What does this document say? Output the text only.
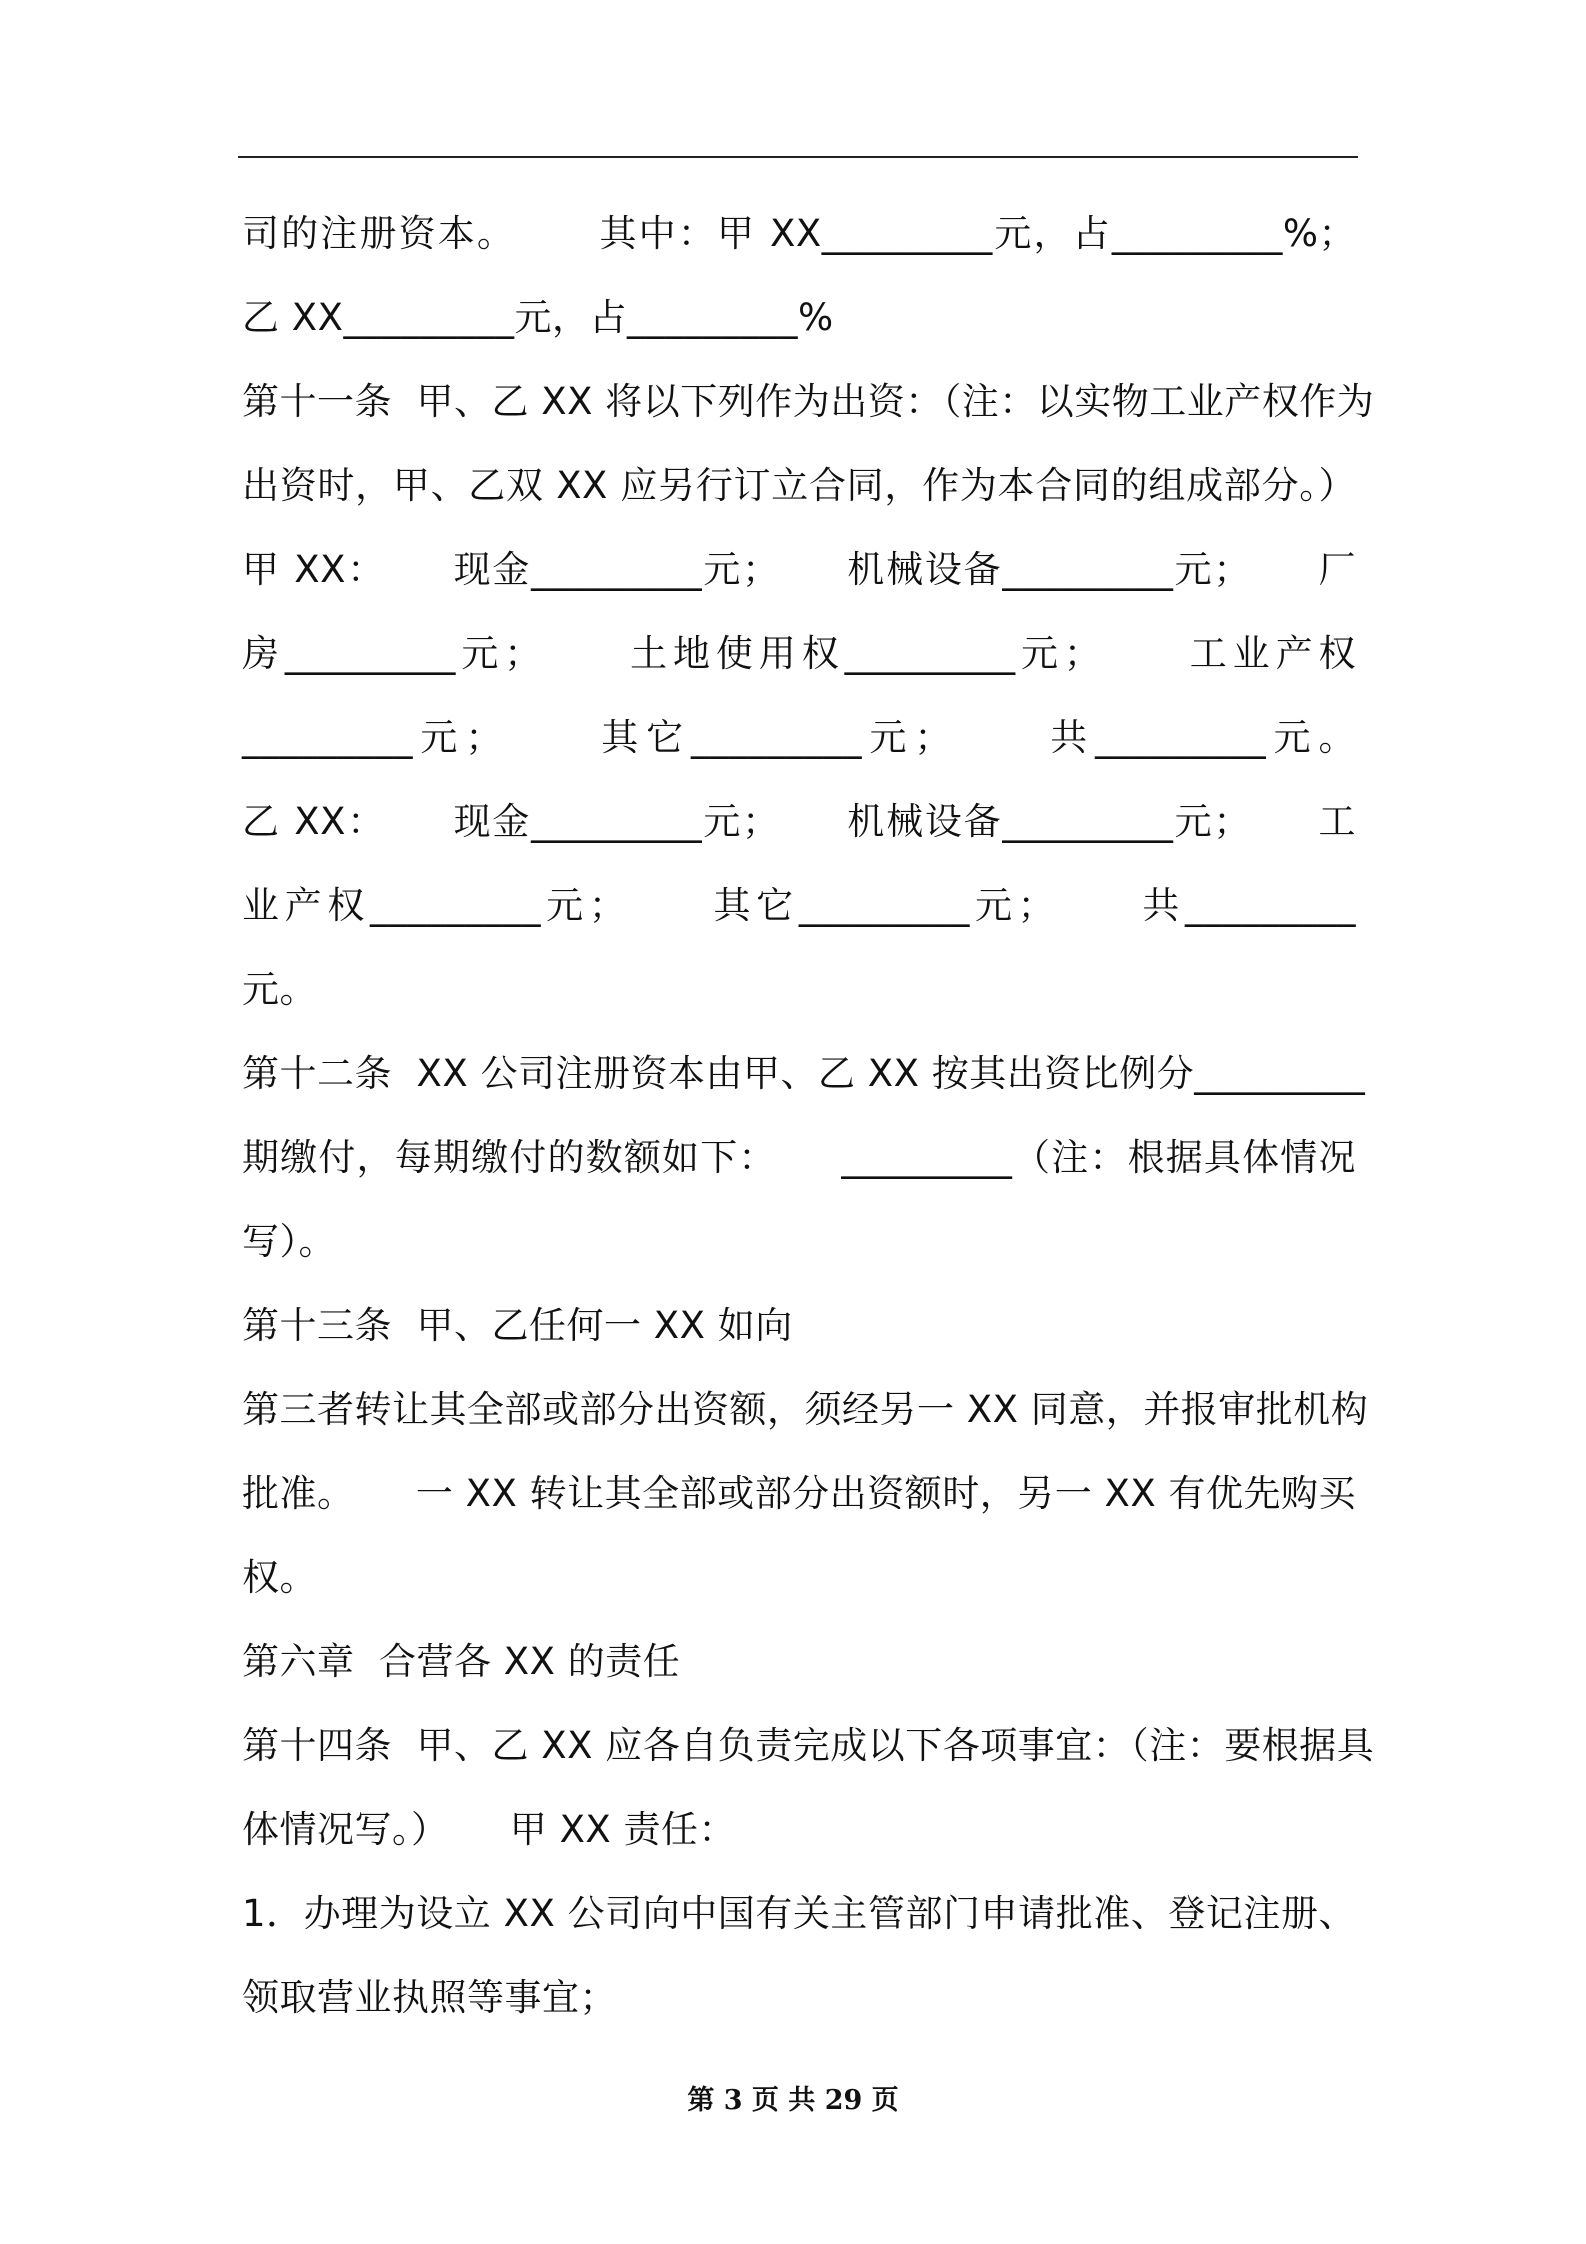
司的注册资本。      其中：甲 XX_________元，占_________%；
乙 XX_________元，占_________%
第十一条  甲、乙 XX 将以下列作为出资：（注：以实物工业产权作为
出资时，甲、乙双 XX 应另行订立合同，作为本合同的组成部分。）
甲 XX：     现金_________元；     机械设备_________元；     厂
房_________元；     土地使用权_________元；     工业产权
_________元；     其它_________元；     共_________元。
乙 XX：     现金_________元；     机械设备_________元；     工
业产权_________元；     其它_________元；     共_________
元。
第十二条  XX 公司注册资本由甲、乙 XX 按其出资比例分_________
期缴付，每期缴付的数额如下：     _________（注：根据具体情况
写）。
第十三条  甲、乙任何一 XX 如向
第三者转让其全部或部分出资额，须经另一 XX 同意，并报审批机构
批准。     一 XX 转让其全部或部分出资额时，另一 XX 有优先购买
权。
第六章  合营各 XX 的责任
第十四条  甲、乙 XX 应各自负责完成以下各项事宜：（注：要根据具
体情况写。）     甲 XX 责任：
1．办理为设立 XX 公司向中国有关主管部门申请批准、登记注册、
领取营业执照等事宜；
第 3 页 共 29 页
